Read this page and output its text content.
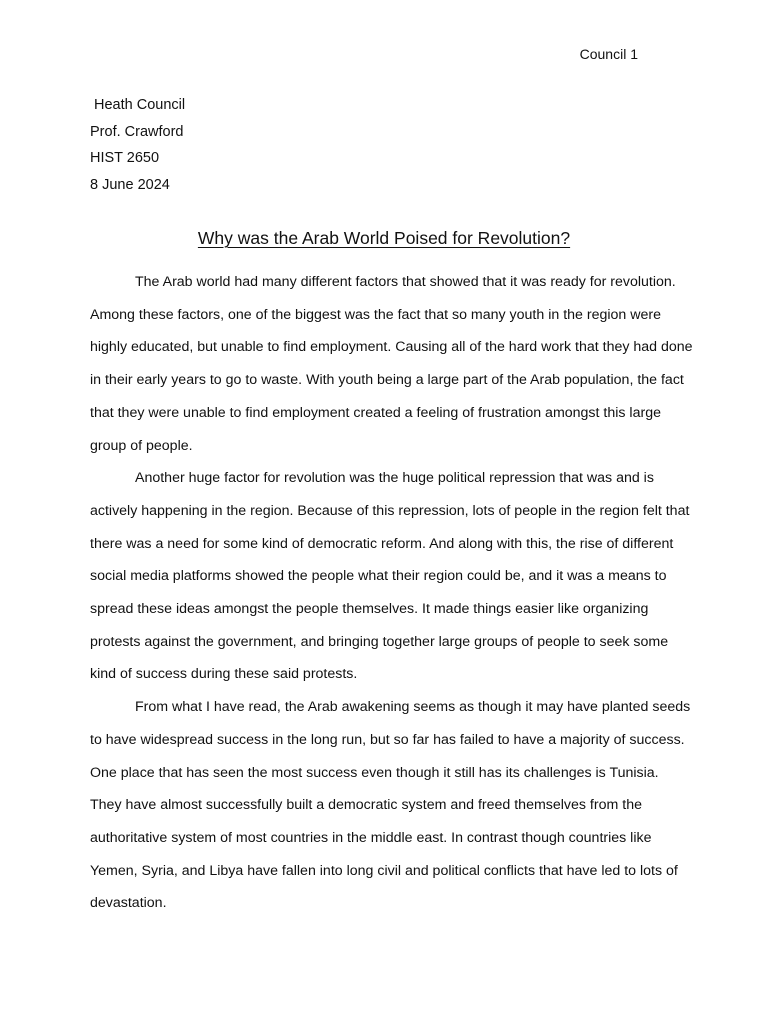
Council 1
Heath Council
Prof. Crawford
HIST 2650
8 June 2024
Why was the Arab World Poised for Revolution?

The Arab world had many different factors that showed that it was ready for revolution.
Among these factors, one of the biggest was the fact that so many youth in the region were
highly educated, but unable to find employment. Causing all of the hard work that they had done
in their early years to go to waste. With youth being a large part of the Arab population, the fact
that they were unable to find employment created a feeling of frustration amongst this large
group of people.

Another huge factor for revolution was the huge political repression that was and is
actively happening in the region. Because of this repression, lots of people in the region felt that
there was a need for some kind of democratic reform. And along with this, the rise of different
social media platforms showed the people what their region could be, and it was a means to
spread these ideas amongst the people themselves. It made things easier like organizing
protests against the government, and bringing together large groups of people to seek some
kind of success during these said protests.

From what I have read, the Arab awakening seems as though it may have planted seeds
to have widespread success in the long run, but so far has failed to have a majority of success.
One place that has seen the most success even though it still has its challenges is Tunisia.
They have almost successfully built a democratic system and freed themselves from the
authoritative system of most countries in the middle east. In contrast though countries like
Yemen, Syria, and Libya have fallen into long civil and political conflicts that have led to lots of
devastation.
